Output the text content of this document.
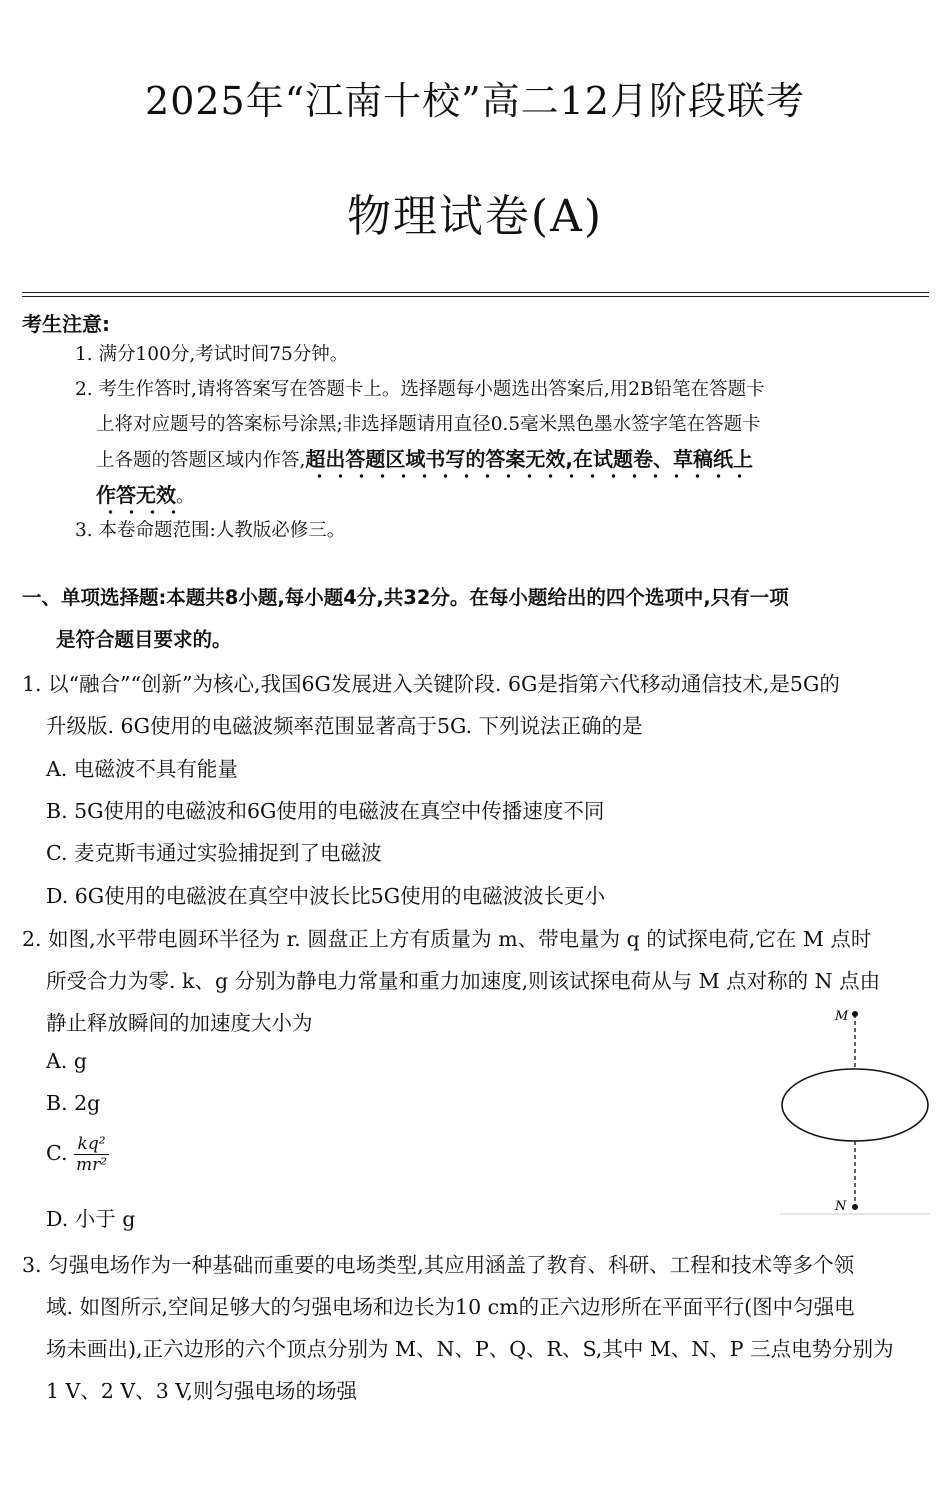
2025年“江南十校”高二12月阶段联考
物理试卷(A)
考生注意:
1. 满分100分,考试时间75分钟。
2. 考生作答时,请将答案写在答题卡上。选择题每小题选出答案后,用2B铅笔在答题卡
上将对应题号的答案标号涂黑;非选择题请用直径0.5毫米黑色墨水签字笔在答题卡
上各题的答题区域内作答,超出答题区域书写的答案无效,在试题卷、草稿纸上
作答无效。
3. 本卷命题范围:人教版必修三。
一、单项选择题:本题共8小题,每小题4分,共32分。在每小题给出的四个选项中,只有一项
是符合题目要求的。
1. 以“融合”“创新”为核心,我国6G发展进入关键阶段. 6G是指第六代移动通信技术,是5G的
升级版. 6G使用的电磁波频率范围显著高于5G. 下列说法正确的是
A. 电磁波不具有能量
B. 5G使用的电磁波和6G使用的电磁波在真空中传播速度不同
C. 麦克斯韦通过实验捕捉到了电磁波
D. 6G使用的电磁波在真空中波长比5G使用的电磁波波长更小
2. 如图,水平带电圆环半径为 r. 圆盘正上方有质量为 m、带电量为 q 的试探电荷,它在 M 点时
所受合力为零. k、g 分别为静电力常量和重力加速度,则该试探电荷从与 M 点对称的 N 点由
静止释放瞬间的加速度大小为
A. g
B. 2g
C. $\frac{\text{kq²}}{\text{mr²}}$
D. 小于 g
M
N
3. 匀强电场作为一种基础而重要的电场类型,其应用涵盖了教育、科研、工程和技术等多个领
域. 如图所示,空间足够大的匀强电场和边长为10 cm的正六边形所在平面平行(图中匀强电
场未画出),正六边形的六个顶点分别为 M、N、P、Q、R、S,其中 M、N、P 三点电势分别为
1 V、2 V、3 V,则匀强电场的场强
